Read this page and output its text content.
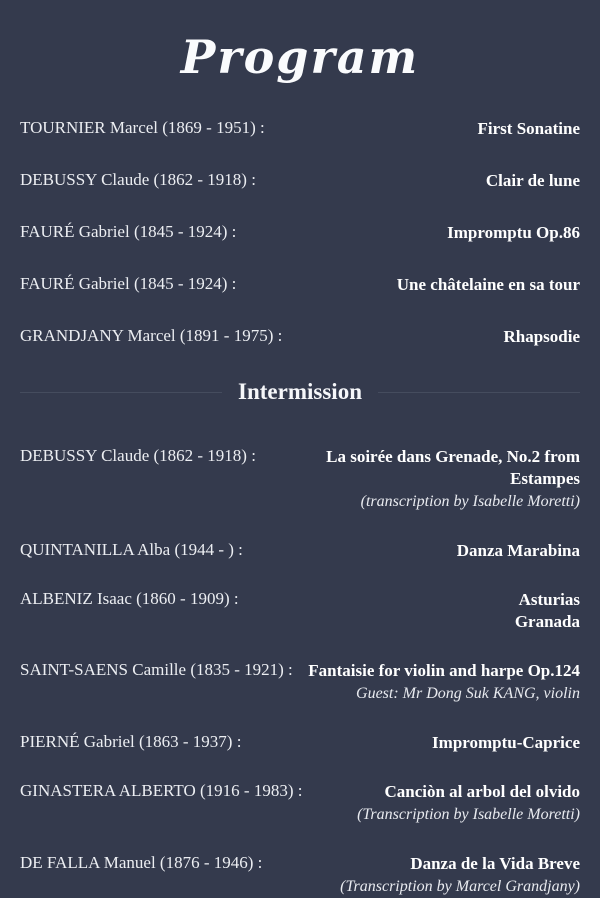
Program
TOURNIER Marcel (1869 - 1951) :	First Sonatine
DEBUSSY Claude (1862 - 1918) :	Clair de lune
FAURÉ Gabriel (1845 - 1924) :	Impromptu Op.86
FAURÉ Gabriel (1845 - 1924) :	Une châtelaine en sa tour
GRANDJANY Marcel (1891 - 1975) :	Rhapsodie
Intermission
DEBUSSY Claude (1862 - 1918) :	La soirée dans Grenade, No.2 from Estampes
(transcription by Isabelle Moretti)
QUINTANILLA Alba (1944 - ) :	Danza Marabina
ALBENIZ Isaac (1860 - 1909) :	Asturias
Granada
SAINT-SAENS Camille (1835 - 1921) : Fantaisie for violin and harpe Op.124
Guest: Mr Dong Suk KANG, violin
PIERNÉ Gabriel (1863 - 1937) :	Impromptu-Caprice
GINASTERA ALBERTO (1916 - 1983) :	Canciòn al arbol del olvido
(Transcription by Isabelle Moretti)
DE FALLA Manuel (1876 - 1946) :	Danza de la Vida Breve
(Transcription by Marcel Grandjany)
